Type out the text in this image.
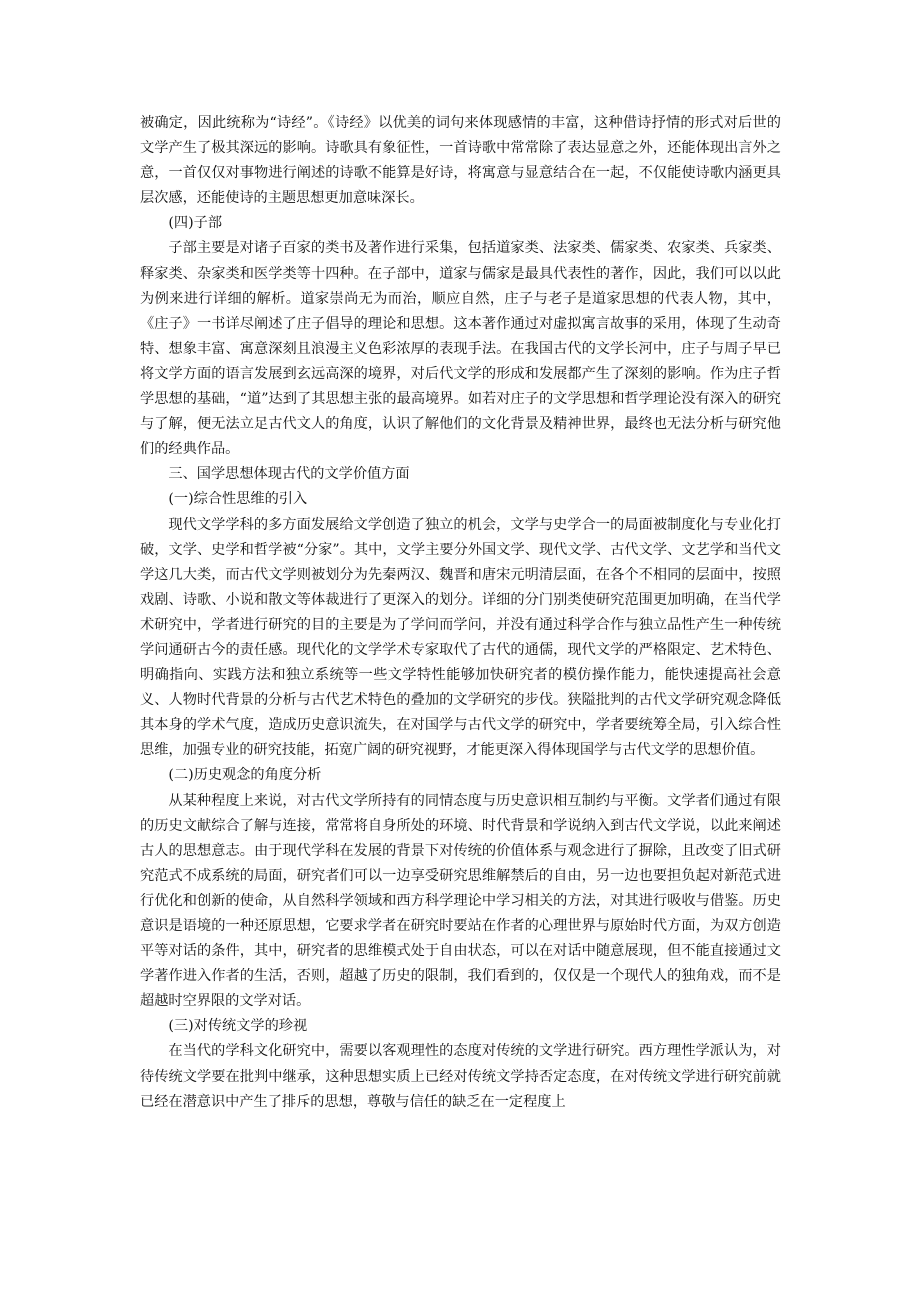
被确定，因此统称为“诗经”。《诗经》以优美的词句来体现感情的丰富，这种借诗抒情的形式对后世的文学产生了极其深远的影响。诗歌具有象征性，一首诗歌中常常除了表达显意之外，还能体现出言外之意，一首仅仅对事物进行阐述的诗歌不能算是好诗，将寓意与显意结合在一起，不仅能使诗歌内涵更具层次感，还能使诗的主题思想更加意味深长。

(四)子部

子部主要是对诸子百家的类书及著作进行采集，包括道家类、法家类、儒家类、农家类、兵家类、释家类、杂家类和医学类等十四种。在子部中，道家与儒家是最具代表性的著作，因此，我们可以以此为例来进行详细的解析。道家崇尚无为而治，顺应自然，庄子与老子是道家思想的代表人物，其中，《庄子》一书详尽阐述了庄子倡导的理论和思想。这本著作通过对虚拟寓言故事的采用，体现了生动奇特、想象丰富、寓意深刻且浪漫主义色彩浓厚的表现手法。在我国古代的文学长河中，庄子与周子早已将文学方面的语言发展到玄远高深的境界，对后代文学的形成和发展都产生了深刻的影响。作为庄子哲学思想的基础，“道”达到了其思想主张的最高境界。如若对庄子的文学思想和哲学理论没有深入的研究与了解，便无法立足古代文人的角度，认识了解他们的文化背景及精神世界，最终也无法分析与研究他们的经典作品。

三、国学思想体现古代的文学价值方面

(一)综合性思维的引入

现代文学学科的多方面发展给文学创造了独立的机会，文学与史学合一的局面被制度化与专业化打破，文学、史学和哲学被“分家”。其中，文学主要分外国文学、现代文学、古代文学、文艺学和当代文学这几大类，而古代文学则被划分为先秦两汉、魏晋和唐宋元明清层面，在各个不相同的层面中，按照戏剧、诗歌、小说和散文等体裁进行了更深入的划分。详细的分门别类使研究范围更加明确，在当代学术研究中，学者进行研究的目的主要是为了学问而学问，并没有通过科学合作与独立品性产生一种传统学问通研古今的责任感。现代化的文学学术专家取代了古代的通儒，现代文学的严格限定、艺术特色、明确指向、实践方法和独立系统等一些文学特性能够加快研究者的模仿操作能力，能快速提高社会意义、人物时代背景的分析与古代艺术特色的叠加的文学研究的步伐。狭隘批判的古代文学研究观念降低其本身的学术气度，造成历史意识流失，在对国学与古代文学的研究中，学者要统筹全局，引入综合性思维，加强专业的研究技能，拓宽广阔的研究视野，才能更深入得体现国学与古代文学的思想价值。

(二)历史观念的角度分析

从某种程度上来说，对古代文学所持有的同情态度与历史意识相互制约与平衡。文学者们通过有限的历史文献综合了解与连接，常常将自身所处的环境、时代背景和学说纳入到古代文学说，以此来阐述古人的思想意志。由于现代学科在发展的背景下对传统的价值体系与观念进行了摒除，且改变了旧式研究范式不成系统的局面，研究者们可以一边享受研究思维解禁后的自由，另一边也要担负起对新范式进行优化和创新的使命，从自然科学领域和西方科学理论中学习相关的方法，对其进行吸收与借鉴。历史意识是语境的一种还原思想，它要求学者在研究时要站在作者的心理世界与原始时代方面，为双方创造平等对话的条件，其中，研究者的思维模式处于自由状态，可以在对话中随意展现，但不能直接通过文学著作进入作者的生活，否则，超越了历史的限制，我们看到的，仅仅是一个现代人的独角戏，而不是超越时空界限的文学对话。

(三)对传统文学的珍视

在当代的学科文化研究中，需要以客观理性的态度对传统的文学进行研究。西方理性学派认为，对待传统文学要在批判中继承，这种思想实质上已经对传统文学持否定态度，在对传统文学进行研究前就已经在潜意识中产生了排斥的思想，尊敬与信任的缺乏在一定程度上
